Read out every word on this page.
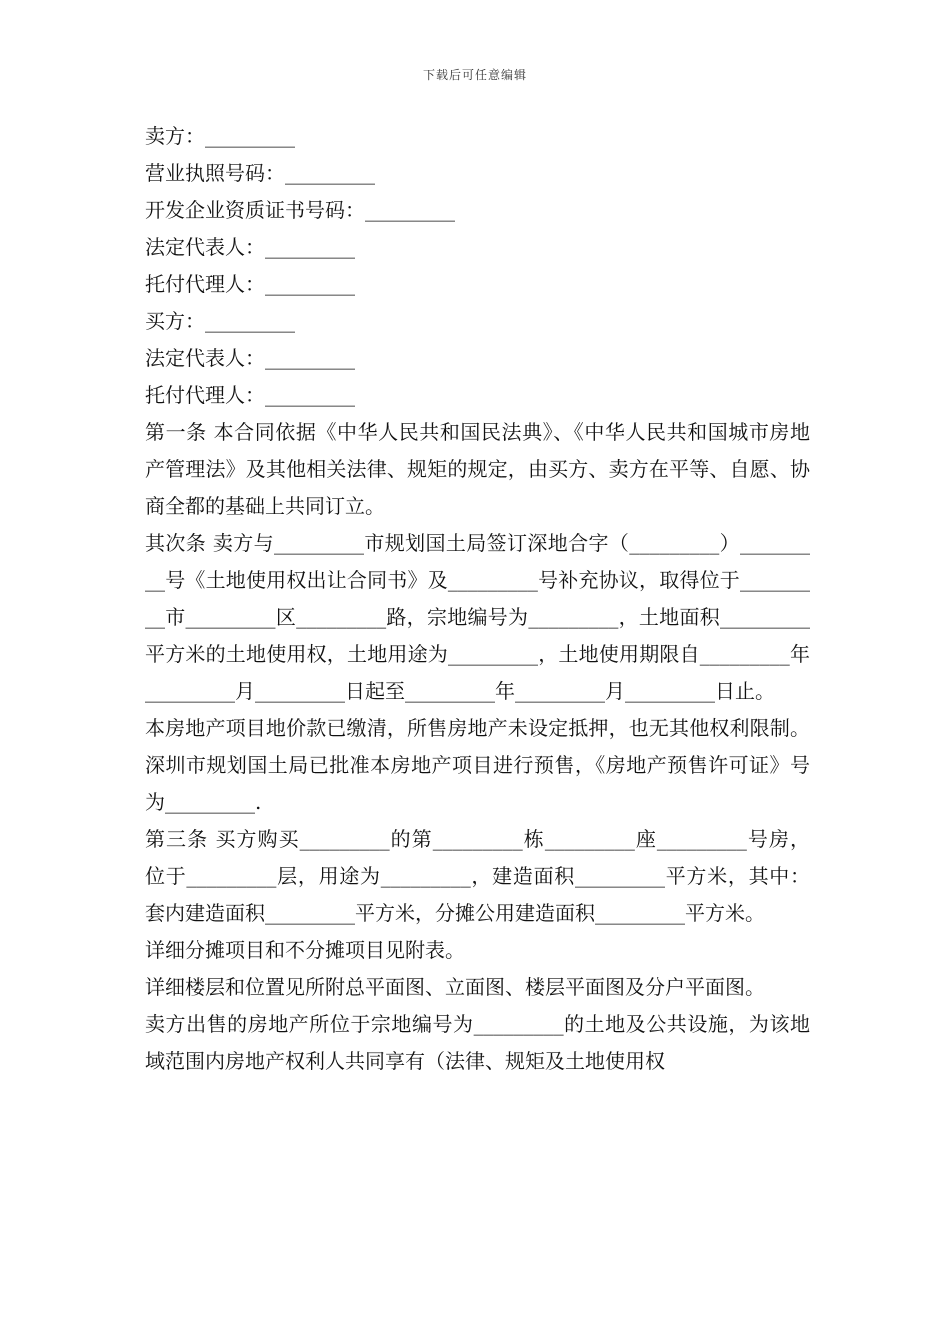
下载后可任意编辑
卖方：_________
营业执照号码：_________
开发企业资质证书号码：_________
法定代表人：_________
托付代理人：_________
买方：_________
法定代表人：_________
托付代理人：_________
第一条 本合同依据《中华人民共和国民法典》、《中华人民共和国城市房地产管理法》及其他相关法律、规矩的规定，由买方、卖方在平等、自愿、协商全都的基础上共同订立。
其次条 卖方与_________市规划国土局签订深地合字（_________）_________号《土地使用权出让合同书》及_________号补充协议，取得位于_________市_________区_________路，宗地编号为_________，土地面积_________平方米的土地使用权，土地用途为_________，土地使用期限自_________年_________月_________日起至_________年_________月_________日止。
本房地产项目地价款已缴清，所售房地产未设定抵押，也无其他权利限制。深圳市规划国土局已批准本房地产项目进行预售，《房地产预售许可证》号为_________.
第三条 买方购买_________的第_________栋_________座_________号房，位于_________层，用途为_________，建造面积_________平方米，其中：套内建造面积_________平方米，分摊公用建造面积_________平方米。
详细分摊项目和不分摊项目见附表。
详细楼层和位置见所附总平面图、立面图、楼层平面图及分户平面图。
卖方出售的房地产所位于宗地编号为_________的土地及公共设施，为该地域范围内房地产权利人共同享有（法律、规矩及土地使用权
